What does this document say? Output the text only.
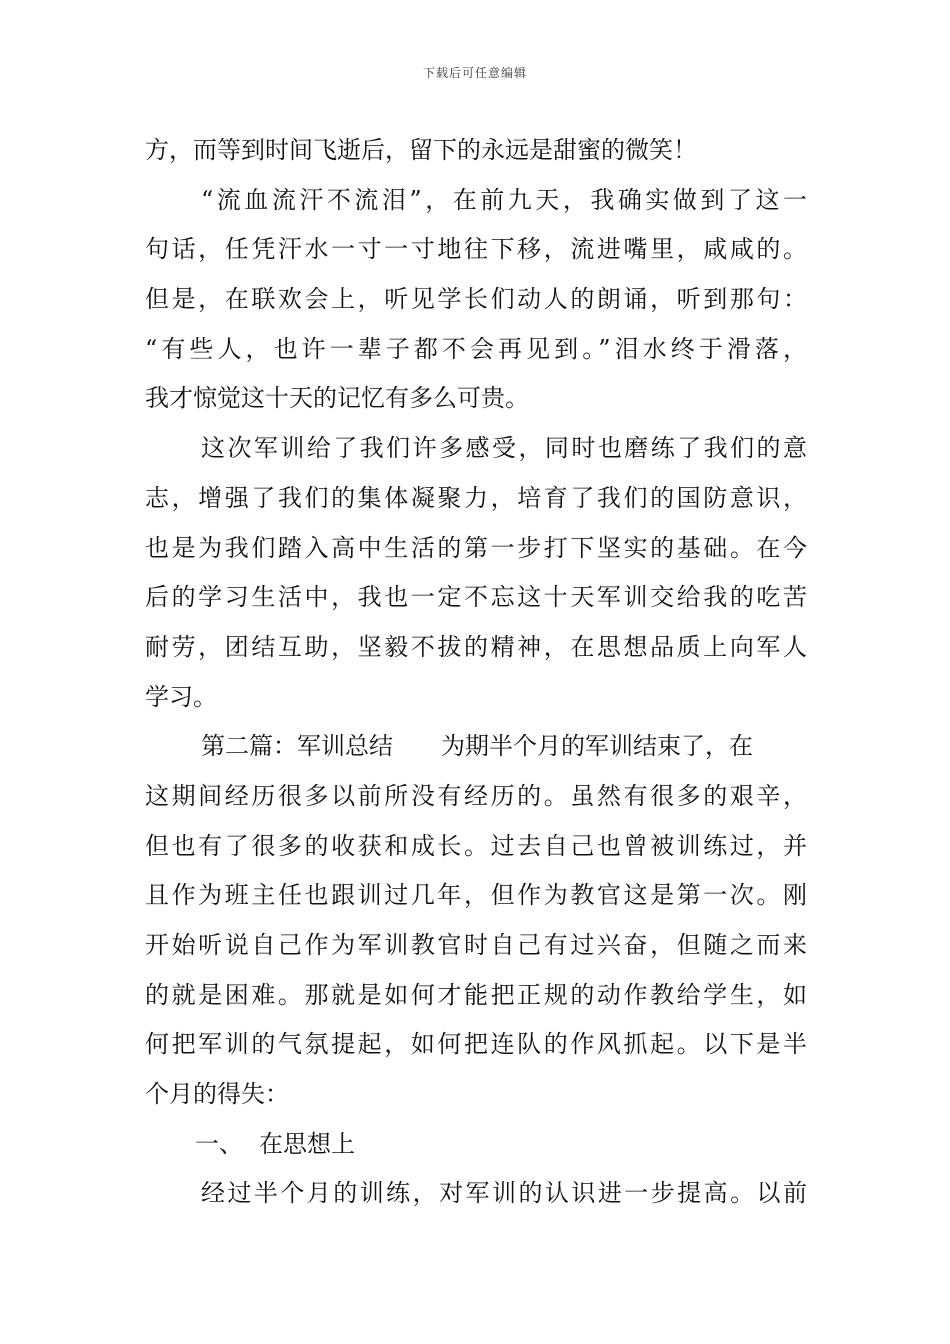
下载后可任意编辑
方，而等到时间飞逝后，留下的永远是甜蜜的微笑！
“流血流汗不流泪”，在前九天，我确实做到了这一
句话，任凭汗水一寸一寸地往下移，流进嘴里，咸咸的。
但是，在联欢会上，听见学长们动人的朗诵，听到那句：
“有些人，也许一辈子都不会再见到。”泪水终于滑落，
我才惊觉这十天的记忆有多么可贵。
这次军训给了我们许多感受，同时也磨练了我们的意
志，增强了我们的集体凝聚力，培育了我们的国防意识，
也是为我们踏入高中生活的第一步打下坚实的基础。在今
后的学习生活中，我也一定不忘这十天军训交给我的吃苦
耐劳，团结互助，坚毅不拔的精神，在思想品质上向军人
学习。
第二篇：军训总结 为期半个月的军训结束了，在
这期间经历很多以前所没有经历的。虽然有很多的艰辛，
但也有了很多的收获和成长。过去自己也曾被训练过，并
且作为班主任也跟训过几年，但作为教官这是第一次。刚
开始听说自己作为军训教官时自己有过兴奋，但随之而来
的就是困难。那就是如何才能把正规的动作教给学生，如
何把军训的气氛提起，如何把连队的作风抓起。以下是半
个月的得失：
一、 在思想上
经过半个月的训练，对军训的认识进一步提高。以前
